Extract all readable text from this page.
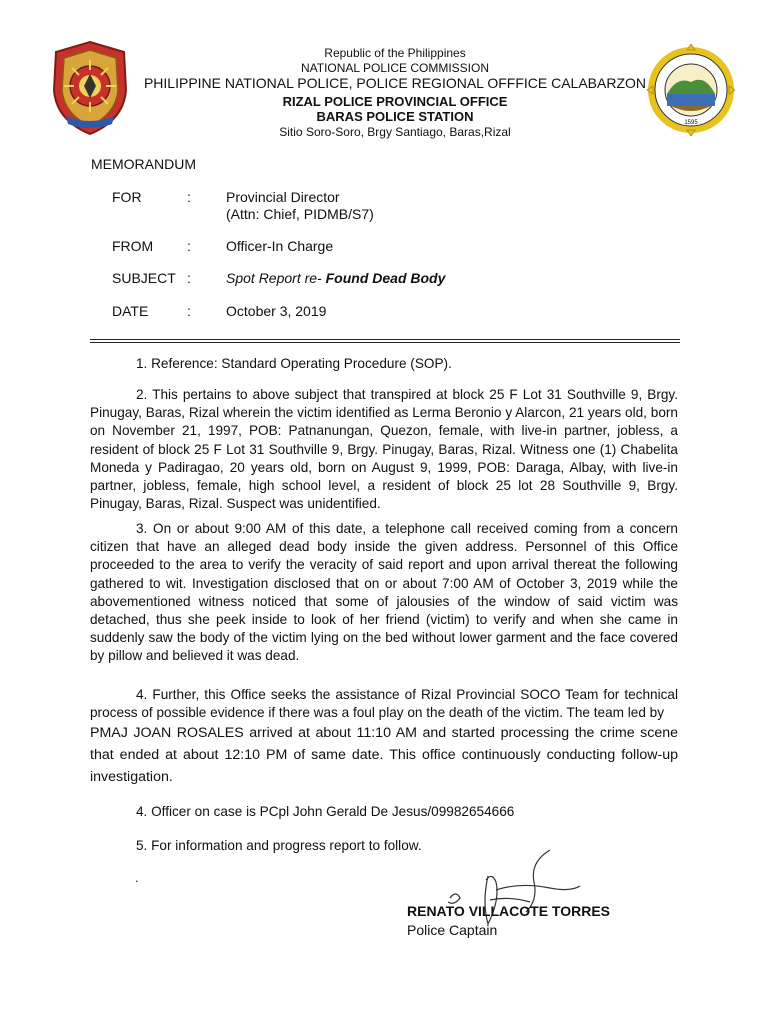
1595
Republic of the Philippines
NATIONAL POLICE COMMISSION
PHILIPPINE NATIONAL POLICE, POLICE REGIONAL OFFFICE CALABARZON
RIZAL POLICE PROVINCIAL OFFICE
BARAS POLICE STATION
Sitio Soro-Soro, Brgy Santiago, Baras,Rizal
MEMORANDUM
FOR	:	Provincial Director
(Attn: Chief, PIDMB/S7)
FROM :	Officer-In Charge
SUBJECT :	Spot Report re- Found Dead Body
DATE	:	October 3, 2019
1. Reference: Standard Operating Procedure (SOP).
2. This pertains to above subject that transpired at block 25 F Lot 31 Southville 9, Brgy. Pinugay, Baras, Rizal wherein the victim identified as Lerma Beronio y Alarcon, 21 years old, born on November 21, 1997, POB: Patnanungan, Quezon, female, with live-in partner, jobless, a resident of block 25 F Lot 31 Southville 9, Brgy. Pinugay, Baras, Rizal. Witness one (1) Chabelita Moneda y Padiragao, 20 years old, born on August 9, 1999, POB: Daraga, Albay, with live-in partner, jobless, female, high school level, a resident of block 25 lot 28 Southville 9, Brgy. Pinugay, Baras, Rizal. Suspect was unidentified.
3. On or about 9:00 AM of this date, a telephone call received coming from a concern citizen that have an alleged dead body inside the given address. Personnel of this Office proceeded to the area to verify the veracity of said report and upon arrival thereat the following gathered to wit. Investigation disclosed that on or about 7:00 AM of October 3, 2019 while the abovementioned witness noticed that some of jalousies of the window of said victim was detached, thus she peek inside to look of her friend (victim) to verify and when she came in suddenly saw the body of the victim lying on the bed without lower garment and the face covered by pillow and believed it was dead.
4. Further, this Office seeks the assistance of Rizal Provincial SOCO Team for technical process of possible evidence if there was a foul play on the death of the victim. The team led by
PMAJ JOAN ROSALES arrived at about 11:10 AM and started processing the crime scene that ended at about 12:10 PM of same date. This office continuously conducting follow-up investigation.
4. Officer on case is PCpl John Gerald De Jesus/09982654666
5. For information and progress report to follow.
.
RENATO VILLACOTE TORRES
Police Captain
